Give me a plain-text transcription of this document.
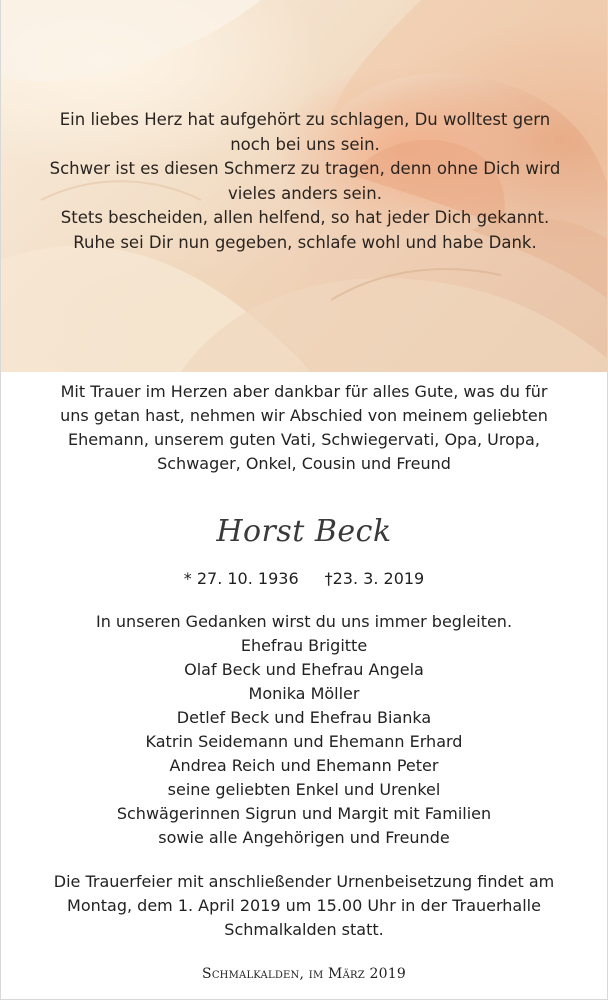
Ein liebes Herz hat aufgehört zu schlagen, Du wolltest gern
noch bei uns sein.
Schwer ist es diesen Schmerz zu tragen, denn ohne Dich wird
vieles anders sein.
Stets bescheiden, allen helfend, so hat jeder Dich gekannt.
Ruhe sei Dir nun gegeben, schlafe wohl und habe Dank.
Mit Trauer im Herzen aber dankbar für alles Gute, was du für
uns getan hast, nehmen wir Abschied von meinem geliebten
Ehemann, unserem guten Vati, Schwiegervati, Opa, Uropa,
Schwager, Onkel, Cousin und Freund
Horst Beck
* 27. 10. 1936 †23. 3. 2019
In unseren Gedanken wirst du uns immer begleiten.
Ehefrau Brigitte
Olaf Beck und Ehefrau Angela
Monika Möller
Detlef Beck und Ehefrau Bianka
Katrin Seidemann und Ehemann Erhard
Andrea Reich und Ehemann Peter
seine geliebten Enkel und Urenkel
Schwägerinnen Sigrun und Margit mit Familien
sowie alle Angehörigen und Freunde
Die Trauerfeier mit anschließender Urnenbeisetzung findet am
Montag, dem 1. April 2019 um 15.00 Uhr in der Trauerhalle
Schmalkalden statt.
Schmalkalden, im März 2019
